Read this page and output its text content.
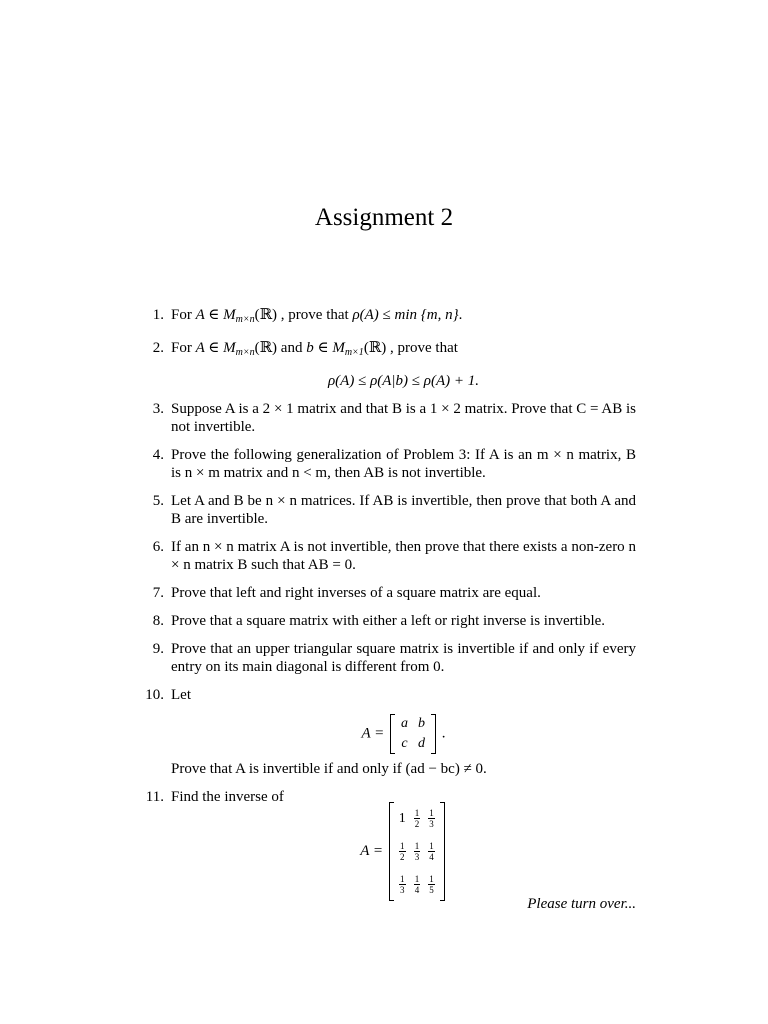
Assignment 2
1. For A ∈ $M_{m\times n}(ℝ)$ , prove that ρ(A) ≤ min {m, n}.

2. For A ∈ $M_{m\times n}(ℝ)$ and b ∈ $M_{m\times 1}(ℝ)$ , prove that

ρ(A) ≤ ρ(A|b) ≤ ρ(A) + 1.
3. Suppose A is a 2 × 1 matrix and that B is a 1 × 2 matrix. Prove that C = AB is not invertible.

4. Prove the following generalization of Problem 3: If A is an m × n matrix, B is n × m matrix and n < m, then AB is not invertible.

5. Let A and B be n × n matrices. If AB is invertible, then prove that both A and B are invertible.

6. If an n × n matrix A is not invertible, then prove that there exists a non-zero n × n matrix B such that AB = 0.

7. Prove that left and right inverses of a square matrix are equal.

8. Prove that a square matrix with either a left or right inverse is invertible.

9. Prove that an upper triangular square matrix is invertible if and only if every entry on its main diagonal is different from 0.

10. Let

A =
a	b
c	d
.

Prove that A is invertible if and only if (ad − bc) ≠ 0.

11. Find the inverse of

A =
1	$\frac{1}{2}$	$\frac{1}{3}$

$\frac{1}{2}$	$\frac{1}{3}$	$\frac{1}{4}$

$\frac{1}{3}$	$\frac{1}{4}$	$\frac{1}{5}$
Please turn over...
